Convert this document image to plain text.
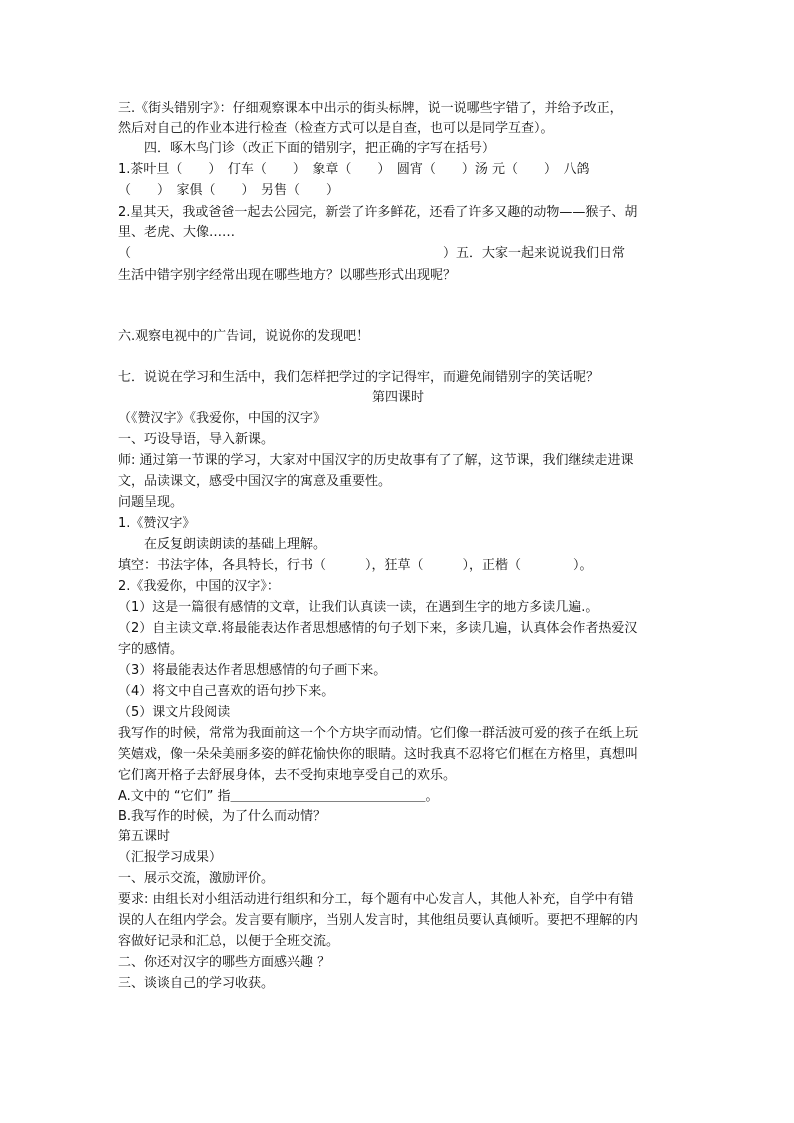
三.《街头错别字》：仔细观察课本中出示的街头标牌，说一说哪些字错了，并给予改正，
然后对自己的作业本进行检查（检查方式可以是自查，也可以是同学互查）。
　　四．啄木鸟门诊（改正下面的错别字，把正确的字写在括号）
1.茶叶旦（　　）　仃车（　　）　象章（　　）　圆宵（　　）汤 元（　　）　八鸽
（　　）　家俱（　　）　另售（　　）
2.星其天，我或爸爸一起去公园完，新尝了许多鲜花，还看了许多又趣的动物——猴子、胡
里、老虎、大像……
（　　　　　　　　　　　　　　　　　　　　　　　　）五．大家一起来说说我们日常
生活中错字别字经常出现在哪些地方？以哪些形式出现呢？
六.观察电视中的广告词，说说你的发现吧！
七．说说在学习和生活中，我们怎样把学过的字记得牢，而避免闹错别字的笑话呢？
第四课时
（《赞汉字》《我爱你，中国的汉字》
一、巧设导语，导入新课。
师: 通过第一节课的学习，大家对中国汉字的历史故事有了了解，这节课，我们继续走进课
文，品读课文，感受中国汉字的寓意及重要性。
问题呈现。
1.《赞汉字》
　　在反复朗读朗读的基础上理解。
填空：书法字体，各具特长，行书（　　　），狂草（　　　），正楷（　　　　）。
2.《我爱你，中国的汉字》：
（1）这是一篇很有感情的文章，让我们认真读一读，在遇到生字的地方多读几遍.。
（2）自主读文章.将最能表达作者思想感情的句子划下来，多读几遍，认真体会作者热爱汉
字的感情。
（3）将最能表达作者思想感情的句子画下来。
（4）将文中自己喜欢的语句抄下来。
（5）课文片段阅读
我写作的时候，常常为我面前这一个个方块字而动情。它们像一群活波可爱的孩子在纸上玩
笑嬉戏，像一朵朵美丽多姿的鲜花愉快你的眼睛。这时我真不忍将它们框在方格里，真想叫
它们离开格子去舒展身体，去不受拘束地享受自己的欢乐。
A.文中的 “它们” 指＿＿＿＿＿＿＿＿＿＿＿＿＿＿＿。
B.我写作的时候，为了什么而动情？
第五课时
（汇报学习成果）
一、展示交流，激励评价。
要求: 由组长对小组活动进行组织和分工，每个题有中心发言人，其他人补充，自学中有错
误的人在组内学会。发言要有顺序，当别人发言时，其他组员要认真倾听。要把不理解的内
容做好记录和汇总，以便于全班交流。
二、你还对汉字的哪些方面感兴趣 ？
三、谈谈自己的学习收获。
